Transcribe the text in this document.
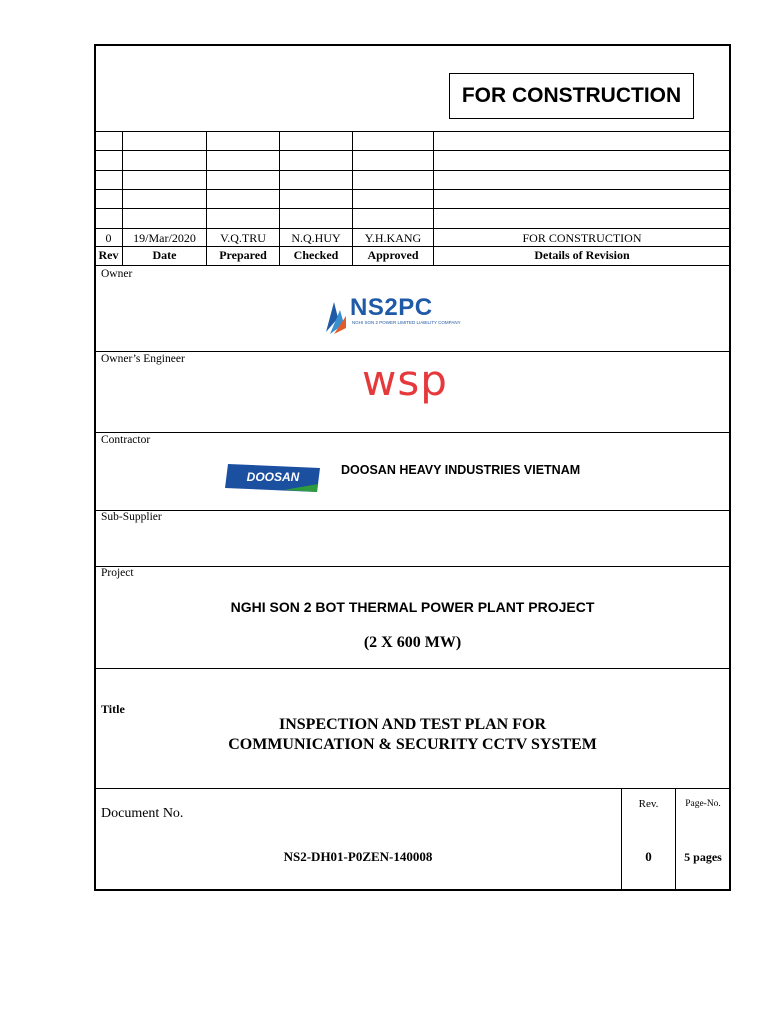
FOR CONSTRUCTION
0	19/Mar/2020	V.Q.TRU	N.Q.HUY	Y.H.KANG	FOR CONSTRUCTION
Rev	Date	Prepared	Checked	Approved	Details of Revision
Owner
NS2PC
NGHI SON 2 POWER LIMITED LIABILITY COMPANY
Owner’s Engineer	wsp
Contractor
DOOSAN	DOOSAN HEAVY INDUSTRIES VIETNAM
Sub-Supplier
Project
NGHI SON 2 BOT THERMAL POWER PLANT PROJECT
(2 X 600 MW)
Title
INSPECTION AND TEST PLAN FOR
COMMUNICATION & SECURITY CCTV SYSTEM
Document No.
NS2-DH01-P0ZEN-140008
Rev.
0
Page-No.
5 pages
